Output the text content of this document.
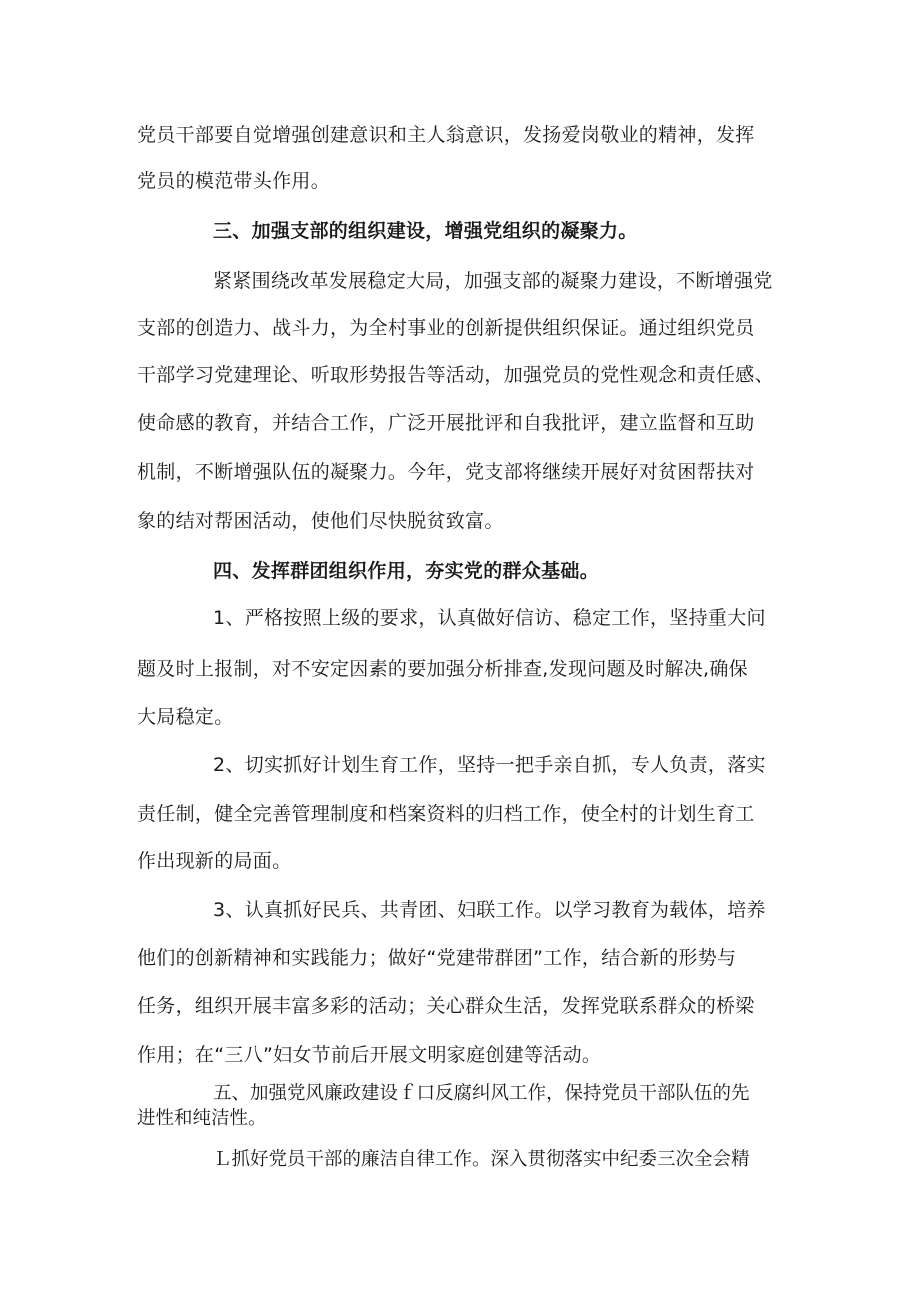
党员干部要自觉增强创建意识和主人翁意识，发扬爱岗敬业的精神，发挥
党员的模范带头作用。
三、加强支部的组织建设，增强党组织的凝聚力。
紧紧围绕改革发展稳定大局，加强支部的凝聚力建设，不断增强党
支部的创造力、战斗力，为全村事业的创新提供组织保证。通过组织党员
干部学习党建理论、听取形势报告等活动，加强党员的党性观念和责任感、
使命感的教育，并结合工作，广泛开展批评和自我批评，建立监督和互助
机制，不断增强队伍的凝聚力。今年，党支部将继续开展好对贫困帮扶对
象的结对帮困活动，使他们尽快脱贫致富。
四、发挥群团组织作用，夯实党的群众基础。
1、严格按照上级的要求，认真做好信访、稳定工作，坚持重大问
题及时上报制，对不安定因素的要加强分析排查,发现问题及时解决,确保
大局稳定。
2、切实抓好计划生育工作，坚持一把手亲自抓，专人负责，落实
责任制，健全完善管理制度和档案资料的归档工作，使全村的计划生育工
作出现新的局面。
3、认真抓好民兵、共青团、妇联工作。以学习教育为载体，培养
他们的创新精神和实践能力；做好“党建带群团”工作，结合新的形势与
任务，组织开展丰富多彩的活动；关心群众生活，发挥党联系群众的桥梁
作用；在“三八”妇女节前后开展文明家庭创建等活动。
五、加强党风廉政建设ｆ口反腐纠风工作，保持党员干部队伍的先
进性和纯洁性。
Ｌ抓好党员干部的廉洁自律工作。深入贯彻落实中纪委三次全会精
